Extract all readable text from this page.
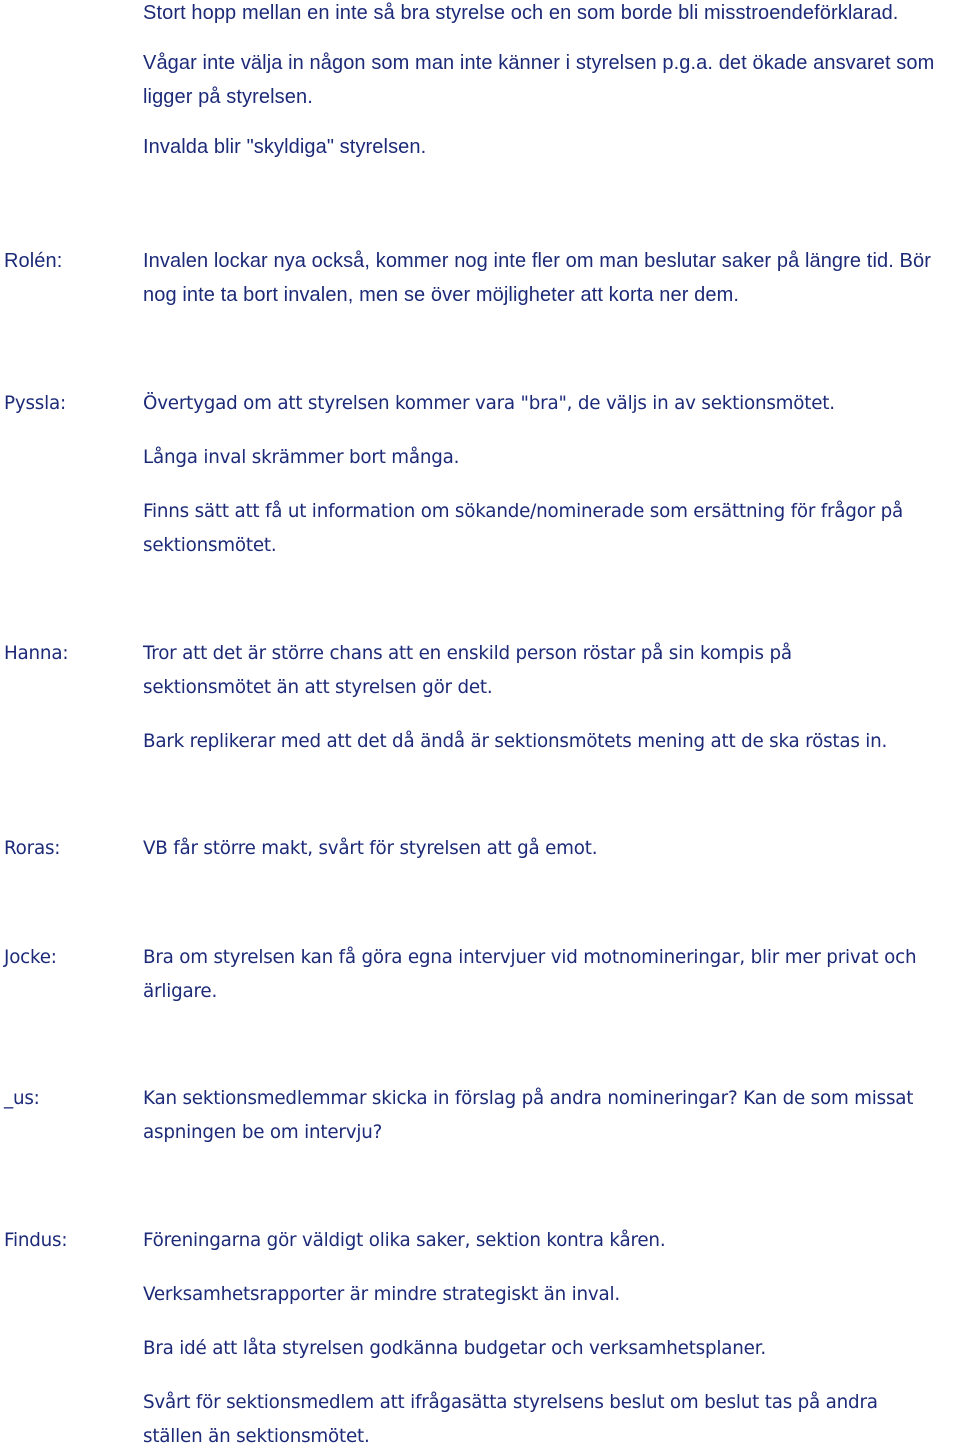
Stort hopp mellan en inte så bra styrelse och en som borde bli misstroendeförklarad.

Vågar inte välja in någon som man inte känner i styrelsen p.g.a. det ökade ansvaret som ligger på styrelsen.

Invalda blir "skyldiga" styrelsen.

Rolén:	Invalen lockar nya också, kommer nog inte fler om man beslutar saker på längre tid. Bör nog inte ta bort invalen, men se över möjligheter att korta ner dem.

Pyssla:	Övertygad om att styrelsen kommer vara "bra", de väljs in av sektionsmötet.

Långa inval skrämmer bort många.

Finns sätt att få ut information om sökande/nominerade som ersättning för frågor på sektionsmötet.

Hanna:	Tror att det är större chans att en enskild person röstar på sin kompis på sektionsmötet än att styrelsen gör det.

Bark replikerar med att det då ändå är sektionsmötets mening att de ska röstas in.

Roras:	VB får större makt, svårt för styrelsen att gå emot.

Jocke:	Bra om styrelsen kan få göra egna intervjuer vid motnomineringar, blir mer privat och ärligare.

_us:	Kan sektionsmedlemmar skicka in förslag på andra nomineringar? Kan de som missat aspningen be om intervju?

Findus:	Föreningarna gör väldigt olika saker, sektion kontra kåren.

Verksamhetsrapporter är mindre strategiskt än inval.

Bra idé att låta styrelsen godkänna budgetar och verksamhetsplaner.

Svårt för sektionsmedlem att ifrågasätta styrelsens beslut om beslut tas på andra ställen än sektionsmötet.
